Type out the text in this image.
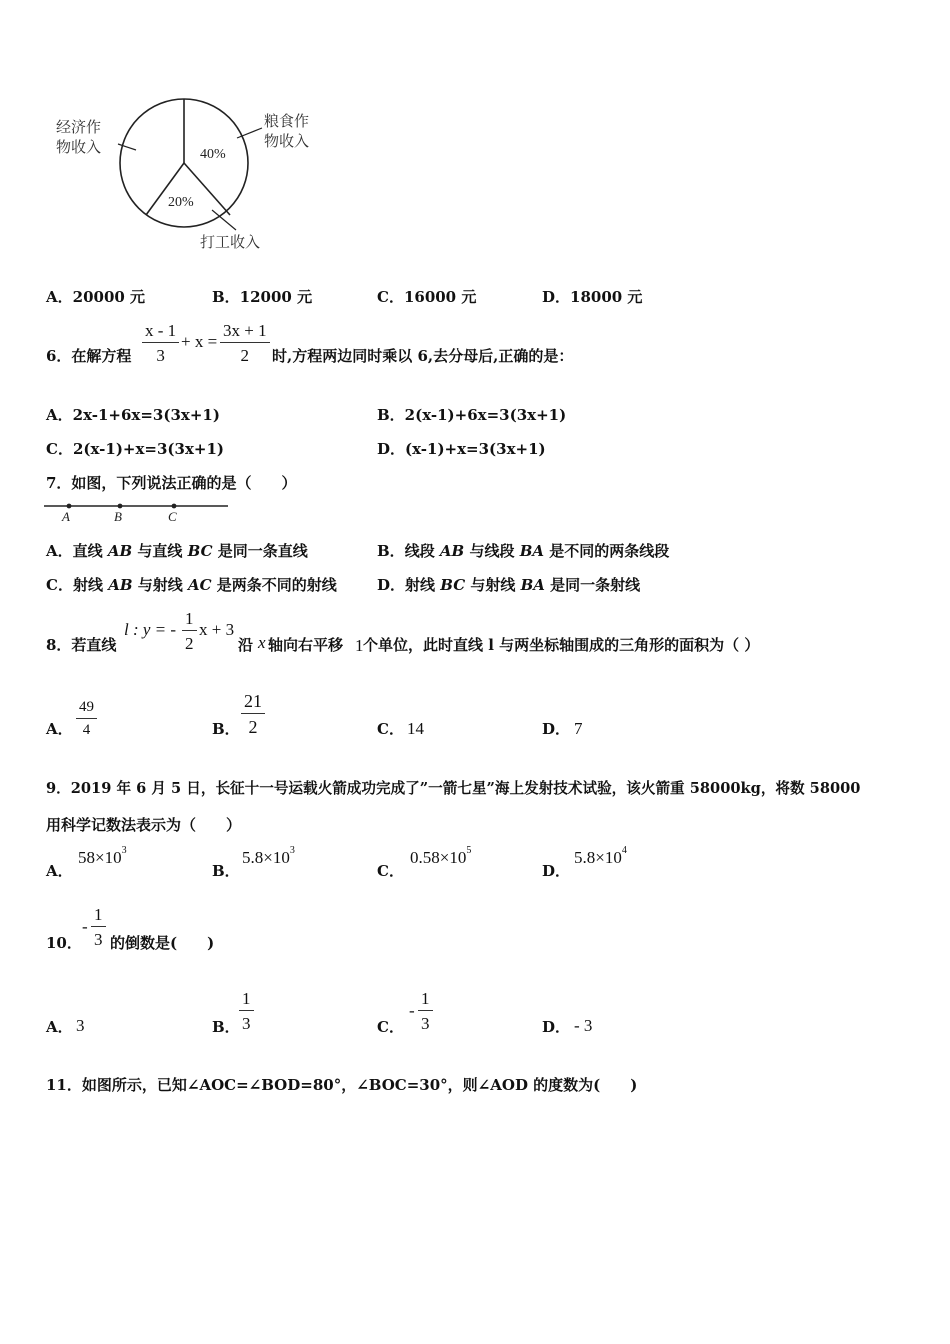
经济作
物收入
粮食作
物收入
40%
20%
打工收入
A．20000 元	B．12000 元	C．16000 元	D．18000 元
6．在解方程 $\frac{x - 1}{3} + x = \frac{3x + 1}{2}$ 时,方程两边同时乘以 6,去分母后,正确的是：
A．2x-1+6x=3(3x+1)	B．2(x-1)+6x=3(3x+1)
C．2(x-1)+x=3(3x+1)	D．(x-1)+x=3(3x+1)
7．如图，下列说法正确的是（　　）
A	B	C
A．直线 AB 与直线 BC 是同一条直线	B．线段 AB 与线段 BA 是不同的两条线段
C．射线 AB 与射线 AC 是两条不同的射线	D．射线 BC 与射线 BA 是同一条射线
8．若直线
l : y = - $\frac{1}{2}$ x + 3
沿 x 轴向右平移 1 个单位，此时直线 l 与两坐标轴围成的三角形的面积为（ ）
A． $\frac{49}{4}$	B． $\frac{21}{2}$	C． 14	D． 7
9．2019 年 6 月 5 日，长征十一号运载火箭成功完成了”一箭七星”海上发射技术试验，该火箭重 58000kg，将数 58000
用科学记数法表示为（　　）
A．
$58\times 10^3$
B．
$5.8\times 10^3$
C．
$0.58\times 10^5$
D．
$5.8\times 10^4$
10．
- $\frac{1}{3}$ 的倒数是(　　)
A． 3	B． $\frac{1}{3}$	C．
- $\frac{1}{3}$	D． - 3
11．如图所示，已知∠AOC=∠BOD=80°，∠BOC=30°，则∠AOD 的度数为(　　)
